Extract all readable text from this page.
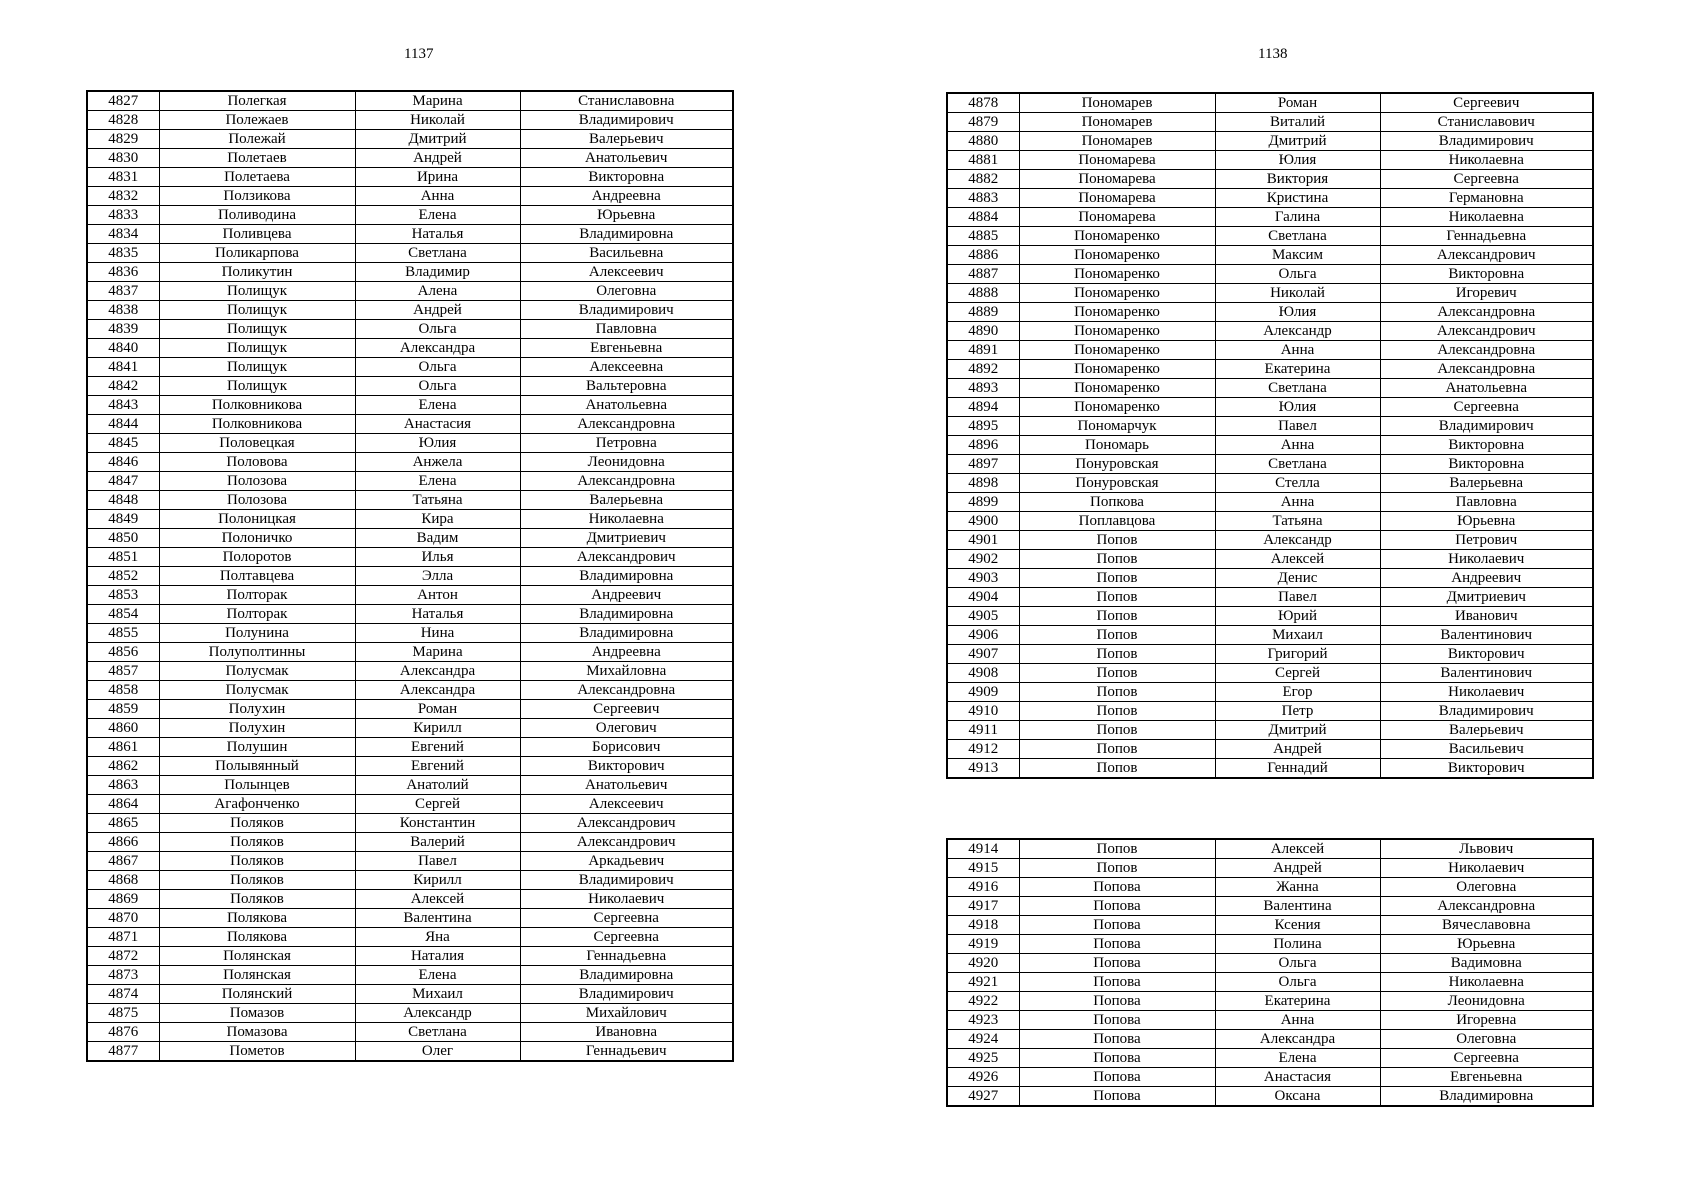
1137	1138
4827	Полегкая	Марина	Станиславовна
4828	Полежаев	Николай	Владимирович
4829	Полежай	Дмитрий	Валерьевич
4830	Полетаев	Андрей	Анатольевич
4831	Полетаева	Ирина	Викторовна
4832	Ползикова	Анна	Андреевна
4833	Поливодина	Елена	Юрьевна
4834	Поливцева	Наталья	Владимировна
4835	Поликарпова	Светлана	Васильевна
4836	Поликутин	Владимир	Алексеевич
4837	Полищук	Алена	Олеговна
4838	Полищук	Андрей	Владимирович
4839	Полищук	Ольга	Павловна
4840	Полищук	Александра	Евгеньевна
4841	Полищук	Ольга	Алексеевна
4842	Полищук	Ольга	Вальтеровна
4843	Полковникова	Елена	Анатольевна
4844	Полковникова	Анастасия	Александровна
4845	Половецкая	Юлия	Петровна
4846	Половова	Анжела	Леонидовна
4847	Полозова	Елена	Александровна
4848	Полозова	Татьяна	Валерьевна
4849	Полоницкая	Кира	Николаевна
4850	Полоничко	Вадим	Дмитриевич
4851	Полоротов	Илья	Александрович
4852	Полтавцева	Элла	Владимировна
4853	Полторак	Антон	Андреевич
4854	Полторак	Наталья	Владимировна
4855	Полунина	Нина	Владимировна
4856	Полуполтинны	Марина	Андреевна
4857	Полусмак	Александра	Михайловна
4858	Полусмак	Александра	Александровна
4859	Полухин	Роман	Сергеевич
4860	Полухин	Кирилл	Олегович
4861	Полушин	Евгений	Борисович
4862	Полывянный	Евгений	Викторович
4863	Полынцев	Анатолий	Анатольевич
4864	Агафонченко	Сергей	Алексеевич
4865	Поляков	Константин	Александрович
4866	Поляков	Валерий	Александрович
4867	Поляков	Павел	Аркадьевич
4868	Поляков	Кирилл	Владимирович
4869	Поляков	Алексей	Николаевич
4870	Полякова	Валентина	Сергеевна
4871	Полякова	Яна	Сергеевна
4872	Полянская	Наталия	Геннадьевна
4873	Полянская	Елена	Владимировна
4874	Полянский	Михаил	Владимирович
4875	Помазов	Александр	Михайлович
4876	Помазова	Светлана	Ивановна
4877	Пометов	Олег	Геннадьевич
4878	Пономарев	Роман	Сергеевич
4879	Пономарев	Виталий	Станиславович
4880	Пономарев	Дмитрий	Владимирович
4881	Пономарева	Юлия	Николаевна
4882	Пономарева	Виктория	Сергеевна
4883	Пономарева	Кристина	Германовна
4884	Пономарева	Галина	Николаевна
4885	Пономаренко	Светлана	Геннадьевна
4886	Пономаренко	Максим	Александрович
4887	Пономаренко	Ольга	Викторовна
4888	Пономаренко	Николай	Игоревич
4889	Пономаренко	Юлия	Александровна
4890	Пономаренко	Александр	Александрович
4891	Пономаренко	Анна	Александровна
4892	Пономаренко	Екатерина	Александровна
4893	Пономаренко	Светлана	Анатольевна
4894	Пономаренко	Юлия	Сергеевна
4895	Пономарчук	Павел	Владимирович
4896	Пономарь	Анна	Викторовна
4897	Понуровская	Светлана	Викторовна
4898	Понуровская	Стелла	Валерьевна
4899	Попкова	Анна	Павловна
4900	Поплавцова	Татьяна	Юрьевна
4901	Попов	Александр	Петрович
4902	Попов	Алексей	Николаевич
4903	Попов	Денис	Андреевич
4904	Попов	Павел	Дмитриевич
4905	Попов	Юрий	Иванович
4906	Попов	Михаил	Валентинович
4907	Попов	Григорий	Викторович
4908	Попов	Сергей	Валентинович
4909	Попов	Егор	Николаевич
4910	Попов	Петр	Владимирович
4911	Попов	Дмитрий	Валерьевич
4912	Попов	Андрей	Васильевич
4913	Попов	Геннадий	Викторович
4914	Попов	Алексей	Львович
4915	Попов	Андрей	Николаевич
4916	Попова	Жанна	Олеговна
4917	Попова	Валентина	Александровна
4918	Попова	Ксения	Вячеславовна
4919	Попова	Полина	Юрьевна
4920	Попова	Ольга	Вадимовна
4921	Попова	Ольга	Николаевна
4922	Попова	Екатерина	Леонидовна
4923	Попова	Анна	Игоревна
4924	Попова	Александра	Олеговна
4925	Попова	Елена	Сергеевна
4926	Попова	Анастасия	Евгеньевна
4927	Попова	Оксана	Владимировна
